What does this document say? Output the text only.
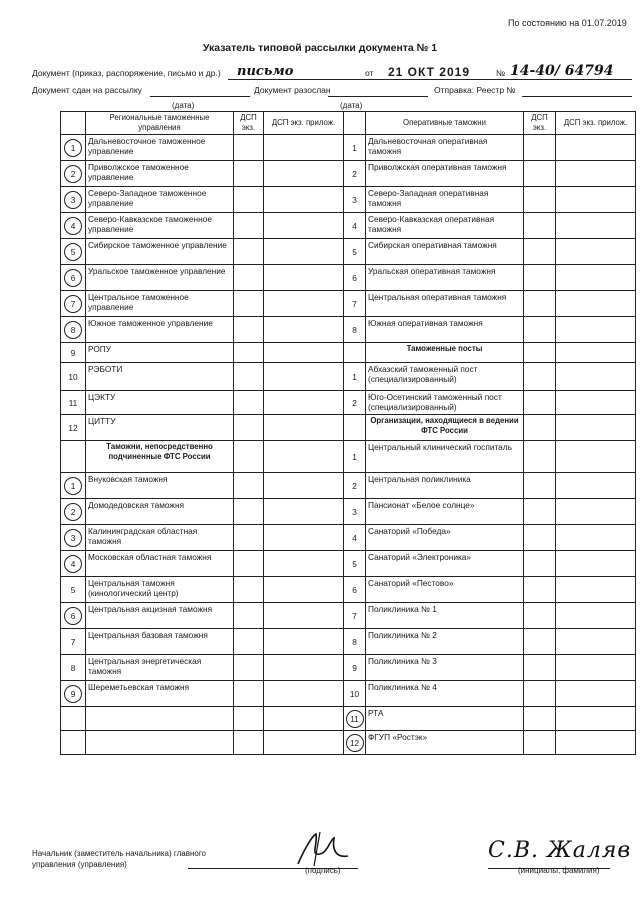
По состоянию на 01.07.2019
Указатель типовой рассылки документа № 1
Документ (приказ, распоряжение, письмо и др.) письмо	от 21 ОКТ 2019	№ 14-40/ 64794
Документ сдан на рассылку	Документ разослан	Отправка: Реестр №
(дата)	(дата)
	Региональные таможенные управления	ДСП экз.	ДСП экз. прилож.		Оперативные таможни	ДСП экз.	ДСП экз. прилож.
1	Дальневосточное таможенное управление			1	Дальневосточная оперативная таможня		
2	Приволжское таможенное управление			2	Приволжская оперативная таможня		
3	Северо-Западное таможенное управление			3	Северо-Западная оперативная таможня		
4	Северо-Кавказское таможенное управление			4	Северо-Кавказская оперативная таможня		
5	Сибирское таможенное управление			5	Сибирская оперативная таможня		
6	Уральское таможенное управление			6	Уральская оперативная таможня		
7	Центральное таможенное управление			7	Центральная оперативная таможня		
8	Южное таможенное управление			8	Южная оперативная таможня		
9	РОПУ				Таможенные посты		
10	РЭБОТИ			1	Абхазский таможенный пост (специализированный)		
11	ЦЭКТУ			2	Юго-Осетинский таможенный пост (специализированный)		
12	ЦИТТУ				Организации, находящиеся в ведении ФТС России		
	Таможни, непосредственно подчиненные ФТС России			1	Центральный клинический госпиталь		
1	Внуковская таможня			2	Центральная поликлиника		
2	Домодедовская таможня			3	Пансионат «Белое солнце»		
3	Калининградская областная таможня			4	Санаторий «Победа»		
4	Московская областная таможня			5	Санаторий «Электроника»		
5	Центральная таможня (кинологический центр)			6	Санаторий «Пестово»		
6	Центральная акцизная таможня			7	Поликлиника № 1		
7	Центральная базовая таможня			8	Поликлиника № 2		
8	Центральная энергетическая таможня			9	Поликлиника № 3		
9	Шереметьевская таможня			10	Поликлиника № 4		
				11	РТА		
				12	ФГУП «Ростэк»		
Начальник (заместитель начальника) главного управления (управления)
(подпись)
С.В. Жаляв
(инициалы, фамилия)
